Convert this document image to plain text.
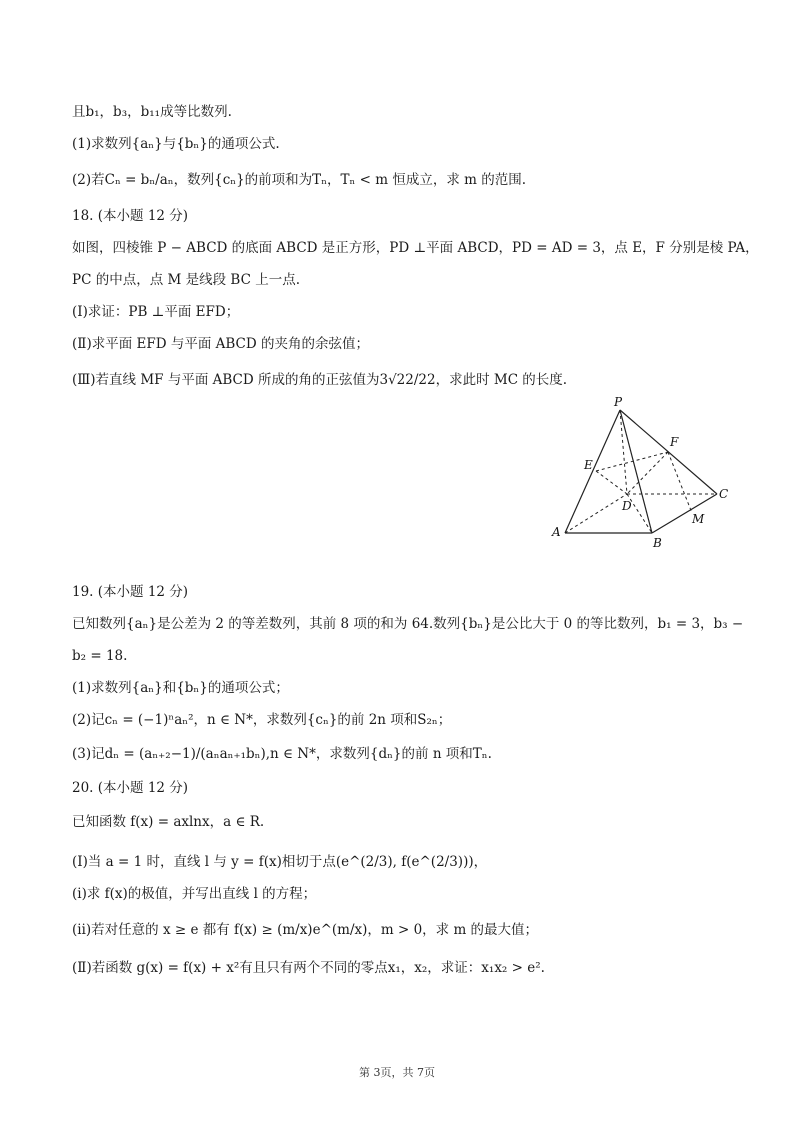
且b₁，b₃，b₁₁成等比数列.
(1)求数列{aₙ}与{bₙ}的通项公式.
(2)若Cₙ = bₙ/aₙ，数列{cₙ}的前项和为Tₙ，Tₙ < m 恒成立，求 m 的范围.
18. (本小题 12 分)
如图，四棱锥 P − ABCD 的底面 ABCD 是正方形，PD ⊥平面 ABCD，PD = AD = 3，点 E，F 分别是棱 PA，
PC 的中点，点 M 是线段 BC 上一点.
(Ⅰ)求证：PB ⊥平面 EFD；
(Ⅱ)求平面 EFD 与平面 ABCD 的夹角的余弦值；
(Ⅲ)若直线 MF 与平面 ABCD 所成的角的正弦值为3√22/22，求此时 MC 的长度.
P
E
F
D
C
M
A
B
19. (本小题 12 分)
已知数列{aₙ}是公差为 2 的等差数列，其前 8 项的和为 64.数列{bₙ}是公比大于 0 的等比数列，b₁ = 3，b₃ −
b₂ = 18.
(1)求数列{aₙ}和{bₙ}的通项公式；
(2)记cₙ = (−1)ⁿaₙ²，n ∈ N*，求数列{cₙ}的前 2n 项和S₂ₙ；
(3)记dₙ = (aₙ₊₂−1)/(aₙaₙ₊₁bₙ),n ∈ N*，求数列{dₙ}的前 n 项和Tₙ.
20. (本小题 12 分)
已知函数 f(x) = axlnx，a ∈ R.
(Ⅰ)当 a = 1 时，直线 l 与 y = f(x)相切于点(e^(2/3), f(e^(2/3)))，
(ⅰ)求 f(x)的极值，并写出直线 l 的方程；
(ⅱ)若对任意的 x ≥ e 都有 f(x) ≥ (m/x)e^(m/x)，m > 0，求 m 的最大值；
(Ⅱ)若函数 g(x) = f(x) + x²有且只有两个不同的零点x₁，x₂，求证：x₁x₂ > e².
第 3页，共 7页
